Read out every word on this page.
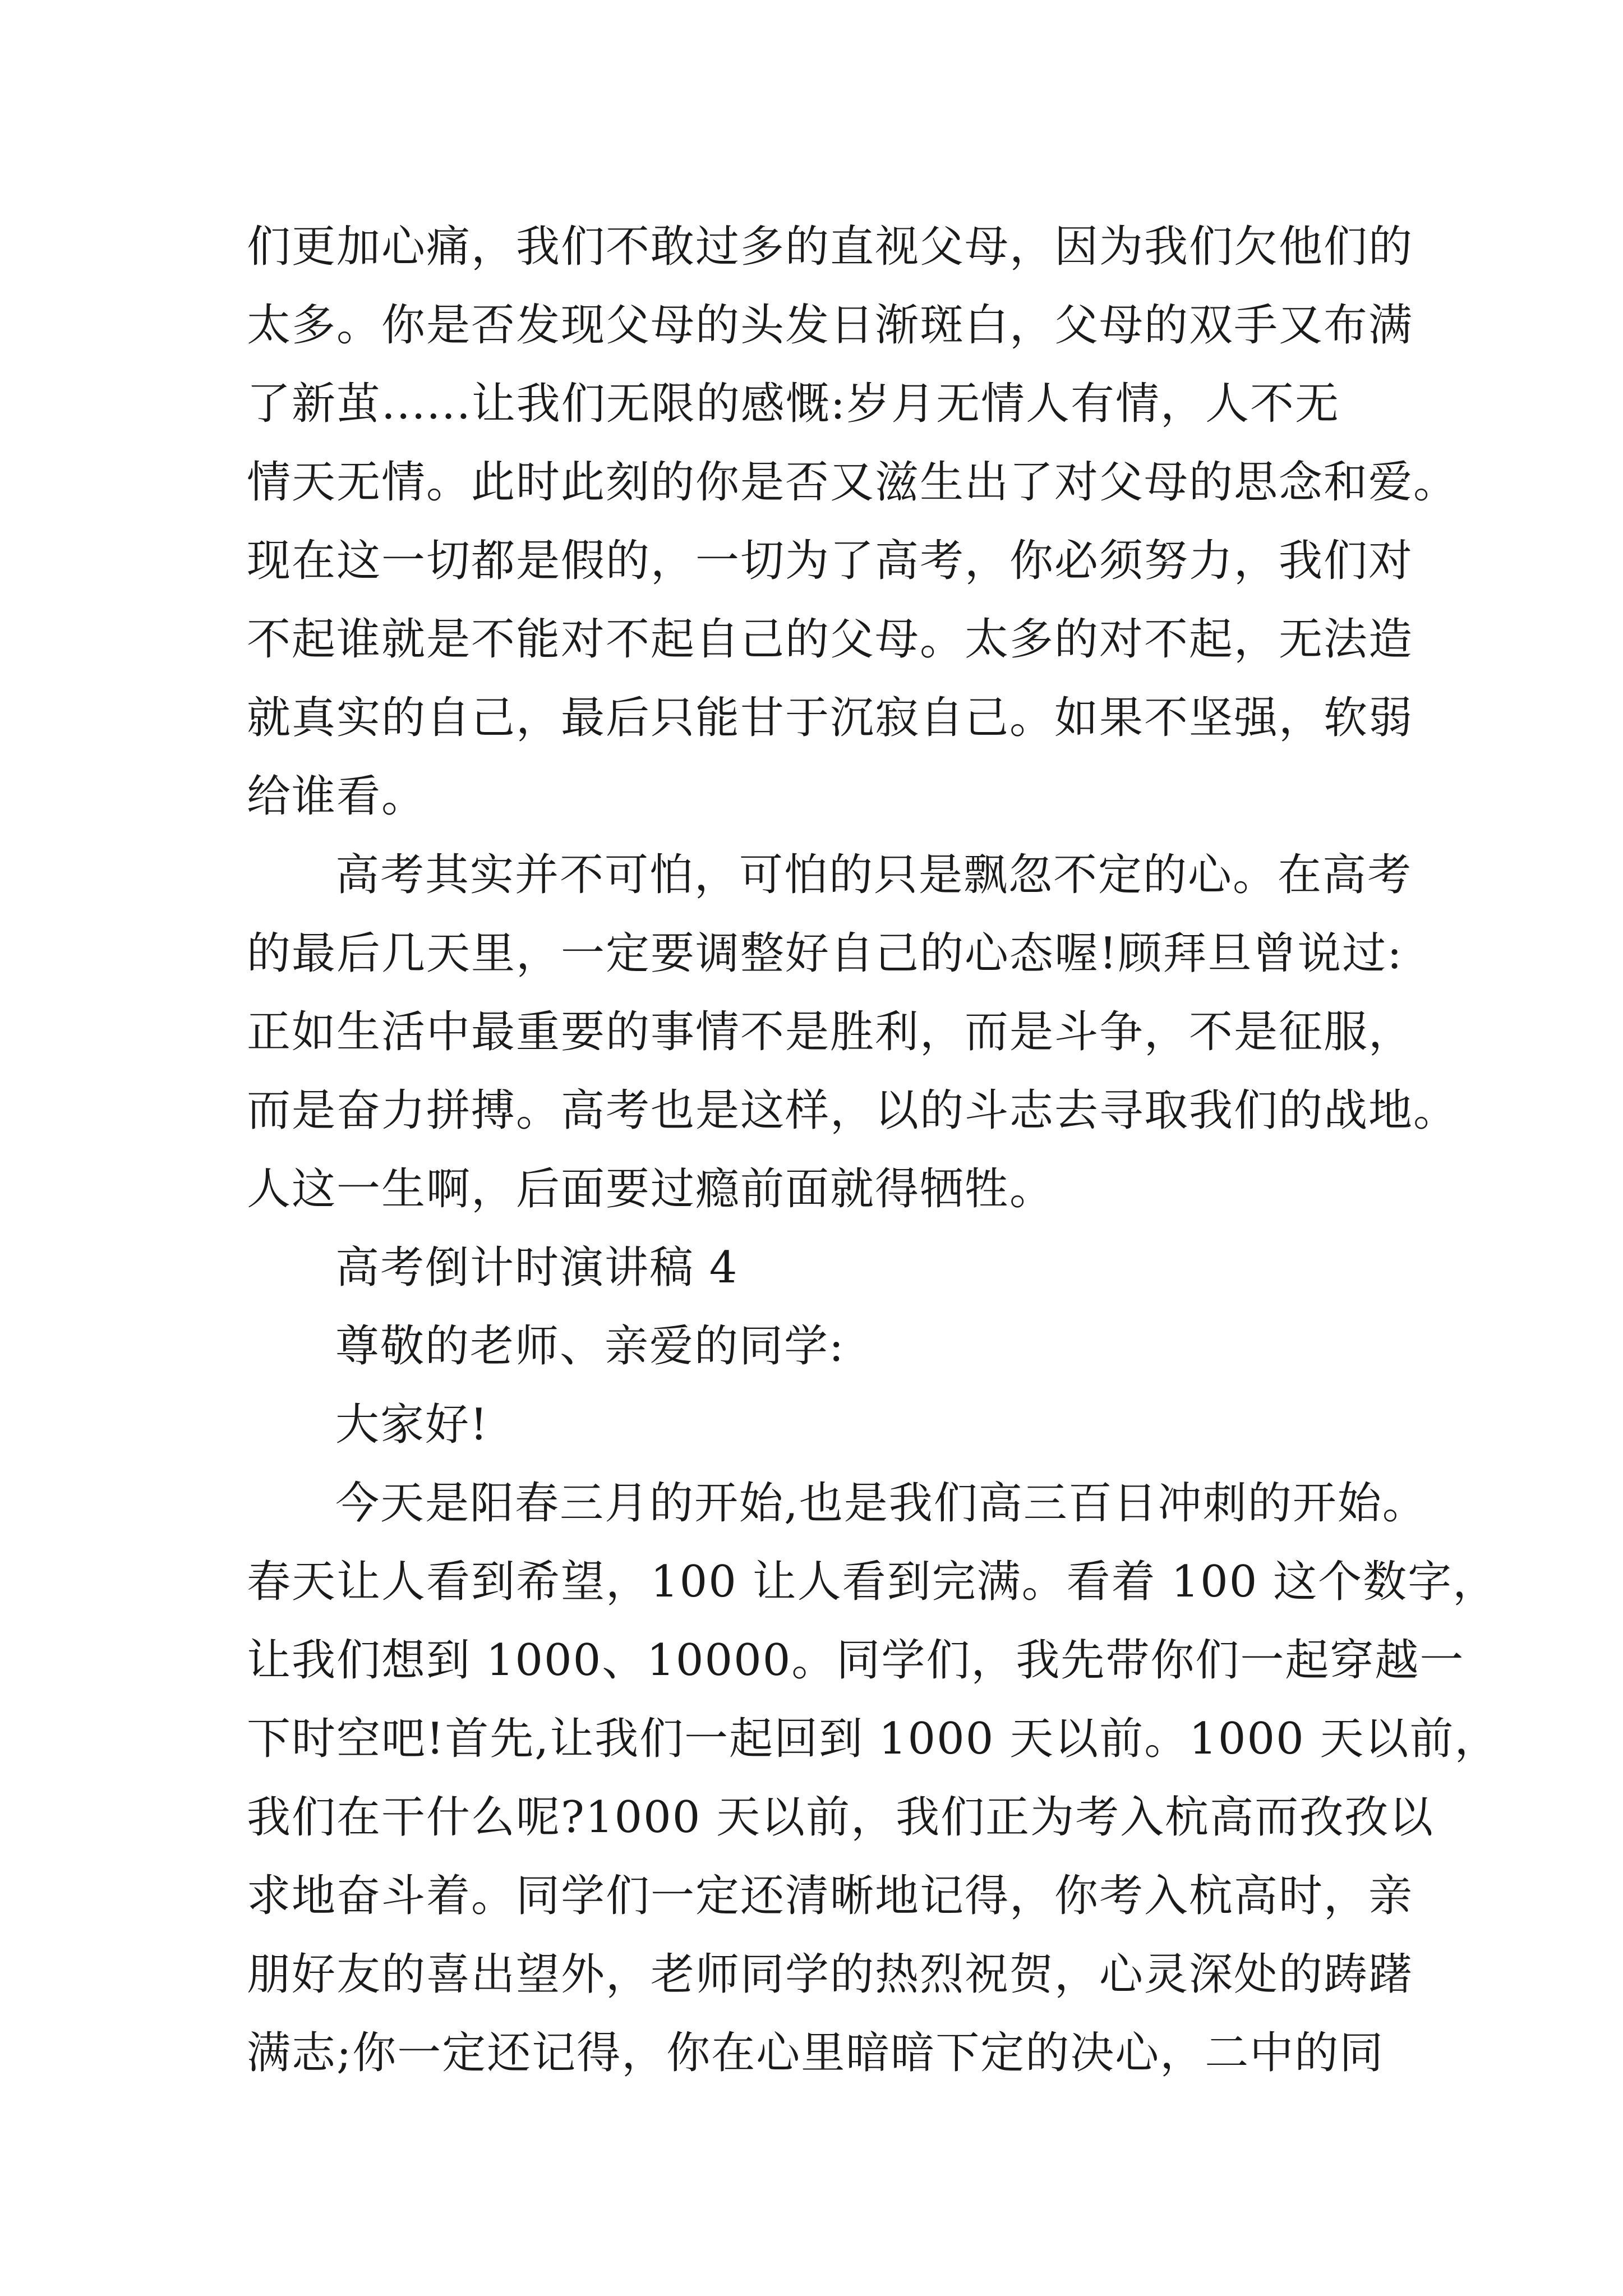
们更加心痛，我们不敢过多的直视父母，因为我们欠他们的
太多。你是否发现父母的头发日渐斑白，父母的双手又布满
了新茧......让我们无限的感慨:岁月无情人有情，人不无
情天无情。此时此刻的你是否又滋生出了对父母的思念和爱。
现在这一切都是假的，一切为了高考，你必须努力，我们对
不起谁就是不能对不起自己的父母。太多的对不起，无法造
就真实的自己，最后只能甘于沉寂自己。如果不坚强，软弱
给谁看。
高考其实并不可怕，可怕的只是飘忽不定的心。在高考
的最后几天里，一定要调整好自己的心态喔!顾拜旦曾说过:
正如生活中最重要的事情不是胜利，而是斗争，不是征服，
而是奋力拼搏。高考也是这样，以的斗志去寻取我们的战地。
人这一生啊，后面要过瘾前面就得牺牲。
高考倒计时演讲稿 4
尊敬的老师、亲爱的同学:
大家好!
今天是阳春三月的开始,也是我们高三百日冲刺的开始。
春天让人看到希望，100 让人看到完满。看着 100 这个数字，
让我们想到 1000、10000。同学们，我先带你们一起穿越一
下时空吧!首先,让我们一起回到 1000 天以前。1000 天以前，
我们在干什么呢?1000 天以前，我们正为考入杭高而孜孜以
求地奋斗着。同学们一定还清晰地记得，你考入杭高时，亲
朋好友的喜出望外，老师同学的热烈祝贺，心灵深处的踌躇
满志;你一定还记得，你在心里暗暗下定的决心，二中的同
